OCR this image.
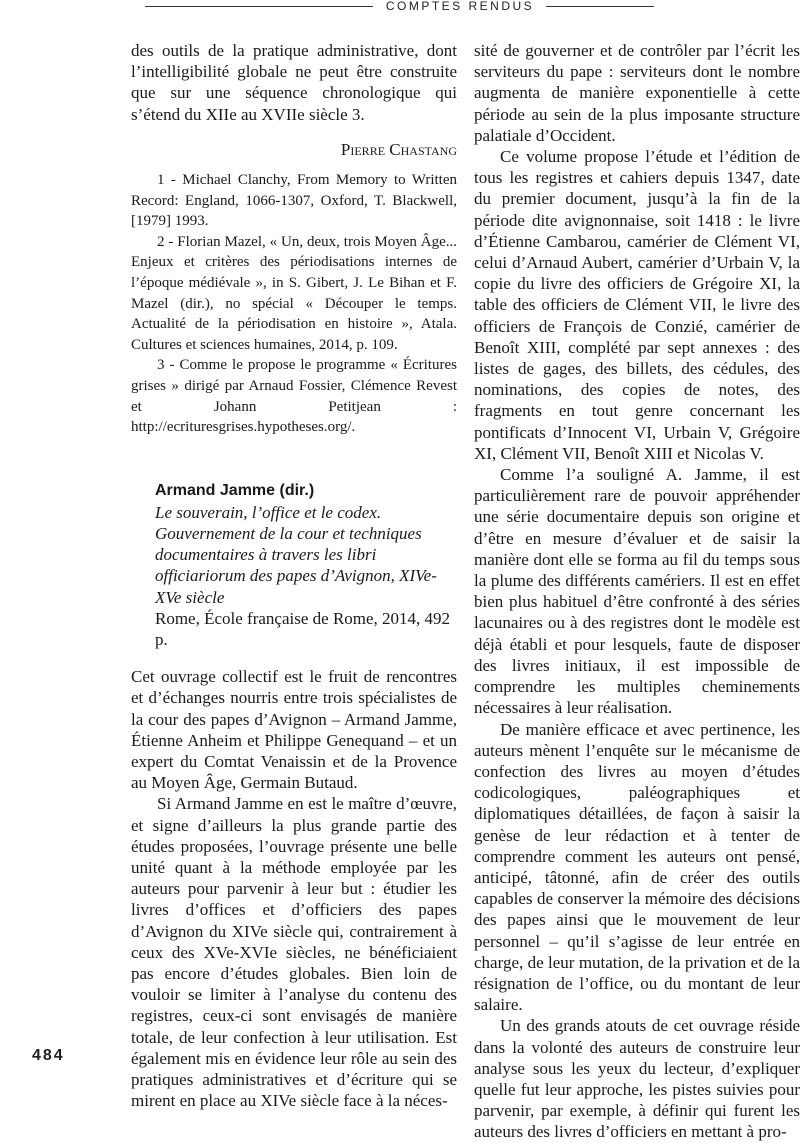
COMPTES RENDUS

des outils de la pratique administrative, dont l’intelligibilité globale ne peut être construite que sur une séquence chronologique qui s’étend du XIIe au XVIIe siècle 3.

Pierre Chastang

1 - Michael Clanchy, From Memory to Written Record: England, 1066-1307, Oxford, T. Blackwell, [1979] 1993.

2 - Florian Mazel, « Un, deux, trois Moyen Âge... Enjeux et critères des périodisations internes de l’époque médiévale », in S. Gibert, J. Le Bihan et F. Mazel (dir.), no spécial « Découper le temps. Actualité de la périodisation en histoire », Atala. Cultures et sciences humaines, 2014, p. 109.

3 - Comme le propose le programme « Écritures grises » dirigé par Arnaud Fossier, Clémence Revest et Johann Petitjean : http://ecrituresgrises.hypotheses.org/.

Armand Jamme (dir.)
Le souverain, l’office et le codex. Gouvernement de la cour et techniques documentaires à travers les libri officiariorum des papes d’Avignon, XIVe-XVe siècle
Rome, École française de Rome, 2014, 492 p.

Cet ouvrage collectif est le fruit de rencontres et d’échanges nourris entre trois spécialistes de la cour des papes d’Avignon – Armand Jamme, Étienne Anheim et Philippe Genequand – et un expert du Comtat Venaissin et de la Provence au Moyen Âge, Germain Butaud.

Si Armand Jamme en est le maître d’œuvre, et signe d’ailleurs la plus grande partie des études proposées, l’ouvrage présente une belle unité quant à la méthode employée par les auteurs pour parvenir à leur but : étudier les livres d’offices et d’officiers des papes d’Avignon du XIVe siècle qui, contrairement à ceux des XVe-XVIe siècles, ne bénéficiaient pas encore d’études globales. Bien loin de vouloir se limiter à l’analyse du contenu des registres, ceux-ci sont envisagés de manière totale, de leur confection à leur utilisation. Est également mis en évidence leur rôle au sein des pratiques administratives et d’écriture qui se mirent en place au XIVe siècle face à la néces-

sité de gouverner et de contrôler par l’écrit les serviteurs du pape : serviteurs dont le nombre augmenta de manière exponentielle à cette période au sein de la plus imposante structure palatiale d’Occident.

Ce volume propose l’étude et l’édition de tous les registres et cahiers depuis 1347, date du premier document, jusqu’à la fin de la période dite avignonnaise, soit 1418 : le livre d’Étienne Cambarou, camérier de Clément VI, celui d’Arnaud Aubert, camérier d’Urbain V, la copie du livre des officiers de Grégoire XI, la table des officiers de Clément VII, le livre des officiers de François de Conzié, camérier de Benoît XIII, complété par sept annexes : des listes de gages, des billets, des cédules, des nominations, des copies de notes, des fragments en tout genre concernant les pontificats d’Innocent VI, Urbain V, Grégoire XI, Clément VII, Benoît XIII et Nicolas V.

Comme l’a souligné A. Jamme, il est particulièrement rare de pouvoir appréhender une série documentaire depuis son origine et d’être en mesure d’évaluer et de saisir la manière dont elle se forma au fil du temps sous la plume des différents camériers. Il est en effet bien plus habituel d’être confronté à des séries lacunaires ou à des registres dont le modèle est déjà établi et pour lesquels, faute de disposer des livres initiaux, il est impossible de comprendre les multiples cheminements nécessaires à leur réalisation.

De manière efficace et avec pertinence, les auteurs mènent l’enquête sur le mécanisme de confection des livres au moyen d’études codicologiques, paléographiques et diplomatiques détaillées, de façon à saisir la genèse de leur rédaction et à tenter de comprendre comment les auteurs ont pensé, anticipé, tâtonné, afin de créer des outils capables de conserver la mémoire des décisions des papes ainsi que le mouvement de leur personnel – qu’il s’agisse de leur entrée en charge, de leur mutation, de la privation et de la résignation de l’office, ou du montant de leur salaire.

Un des grands atouts de cet ouvrage réside dans la volonté des auteurs de construire leur analyse sous les yeux du lecteur, d’expliquer quelle fut leur approche, les pistes suivies pour parvenir, par exemple, à définir qui furent les auteurs des livres d’officiers en mettant à pro-

484
